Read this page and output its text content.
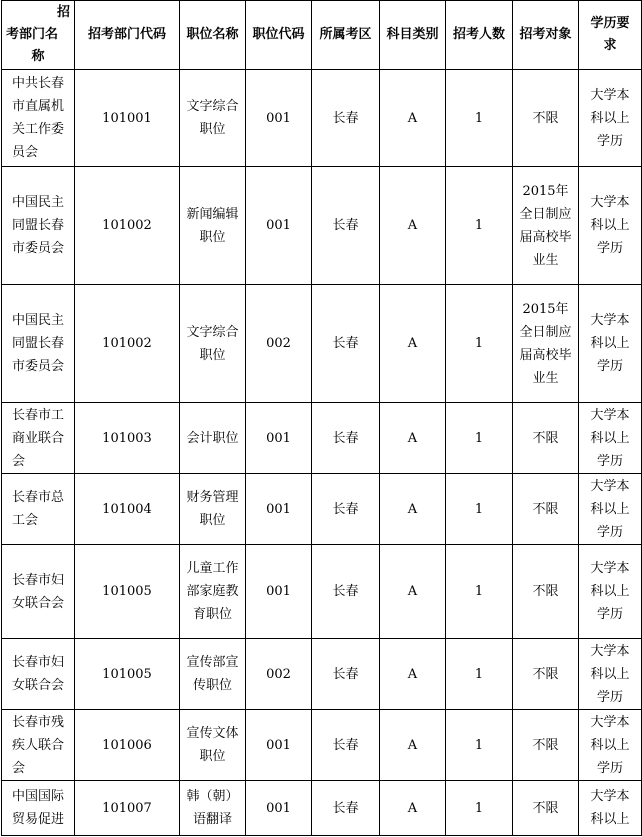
招
考部门名
称	招考部门代码	职位名称	职位代码	所属考区	科目类别	招考人数	招考对象	学历要求
中共长春市直属机关工作委员会	101001	文字综合职位	001	长春	A	1	不限	大学本科以上学历
中国民主同盟长春市委员会	101002	新闻编辑职位	001	长春	A	1	2015年全日制应届高校毕业生	大学本科以上学历
中国民主同盟长春市委员会	101002	文字综合职位	002	长春	A	1	2015年全日制应届高校毕业生	大学本科以上学历
长春市工商业联合会	101003	会计职位	001	长春	A	1	不限	大学本科以上学历
长春市总工会	101004	财务管理职位	001	长春	A	1	不限	大学本科以上学历
长春市妇女联合会	101005	儿童工作部家庭教育职位	001	长春	A	1	不限	大学本科以上学历
长春市妇女联合会	101005	宣传部宣传职位	002	长春	A	1	不限	大学本科以上学历
长春市残疾人联合会	101006	宣传文体职位	001	长春	A	1	不限	大学本科以上学历
中国国际贸易促进	101007	韩（朝）语翻译	001	长春	A	1	不限	大学本科以上
